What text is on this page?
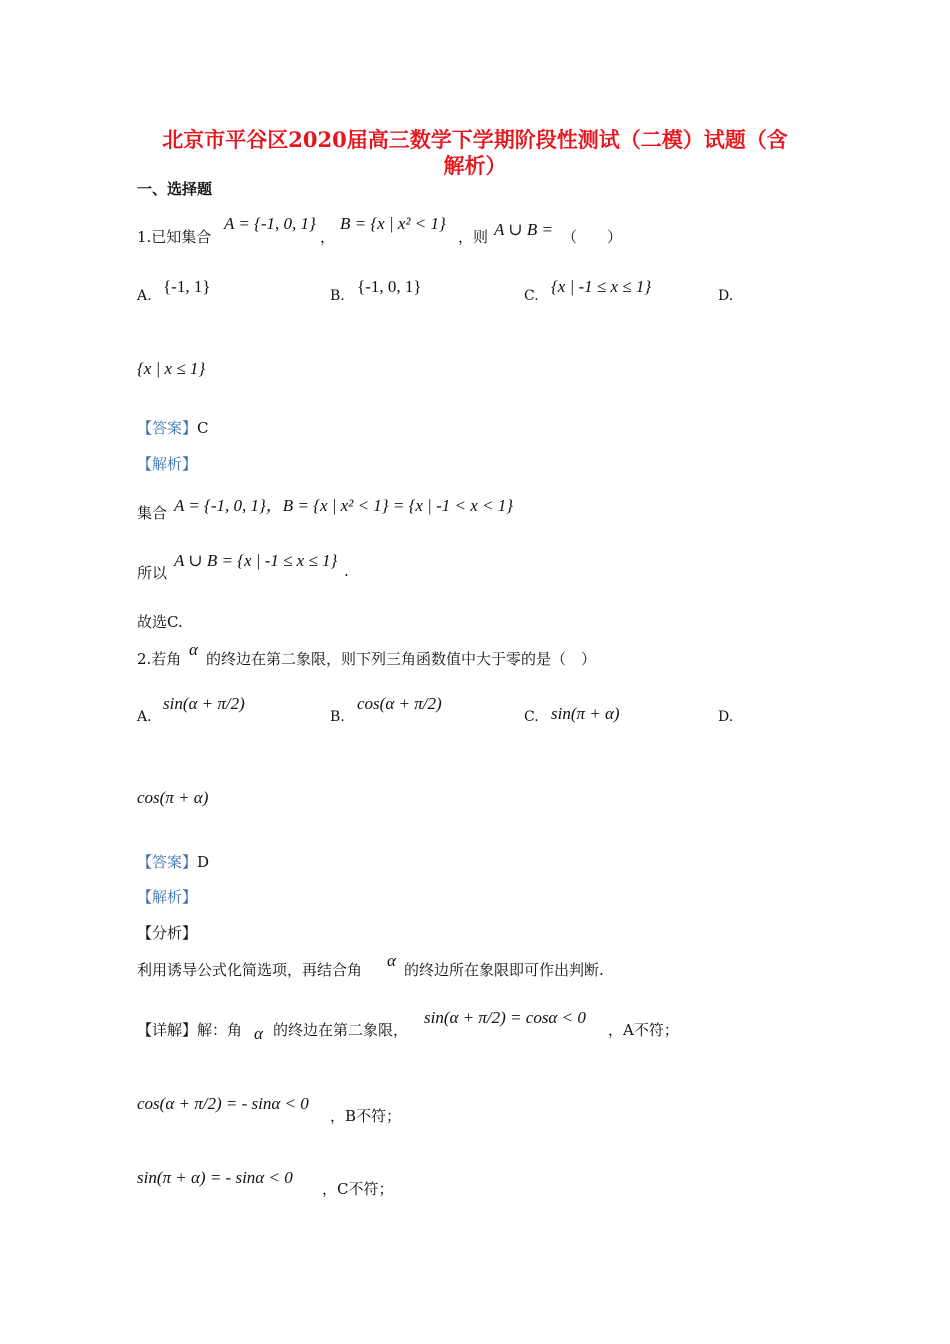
北京市平谷区2020届高三数学下学期阶段性测试（二模）试题（含
解析）
一、选择题
1.已知集合
A = {-1, 0, 1}
，
B = {x | x² < 1}
，则 A ∪ B = （　　）
A. {-1, 1}	B. {-1, 0, 1}	C. {x | -1 ≤ x ≤ 1}	D.
{x | x ≤ 1}
【答案】C
【解析】
集合 A = {-1, 0, 1}，B = {x | x² < 1} = {x | -1 < x < 1}
所以
A ∪ B = {x | -1 ≤ x ≤ 1}
.
故选C.
2.若角 α 的终边在第二象限，则下列三角函数值中大于零的是（　）
A.
sin(α + π/2)
B.
cos(α + π/2)
C. sin(π + α)	D.
cos(π + α)
【答案】D
【解析】
【分析】
利用诱导公式化简选项，再结合角 α 的终边所在象限即可作出判断.
【详解】解：角 α 的终边在第二象限，
sin(α + π/2) = cosα < 0
，A不符；
cos(α + π/2) = - sinα < 0
，B不符；
sin(π + α) = - sinα < 0
，C不符；
